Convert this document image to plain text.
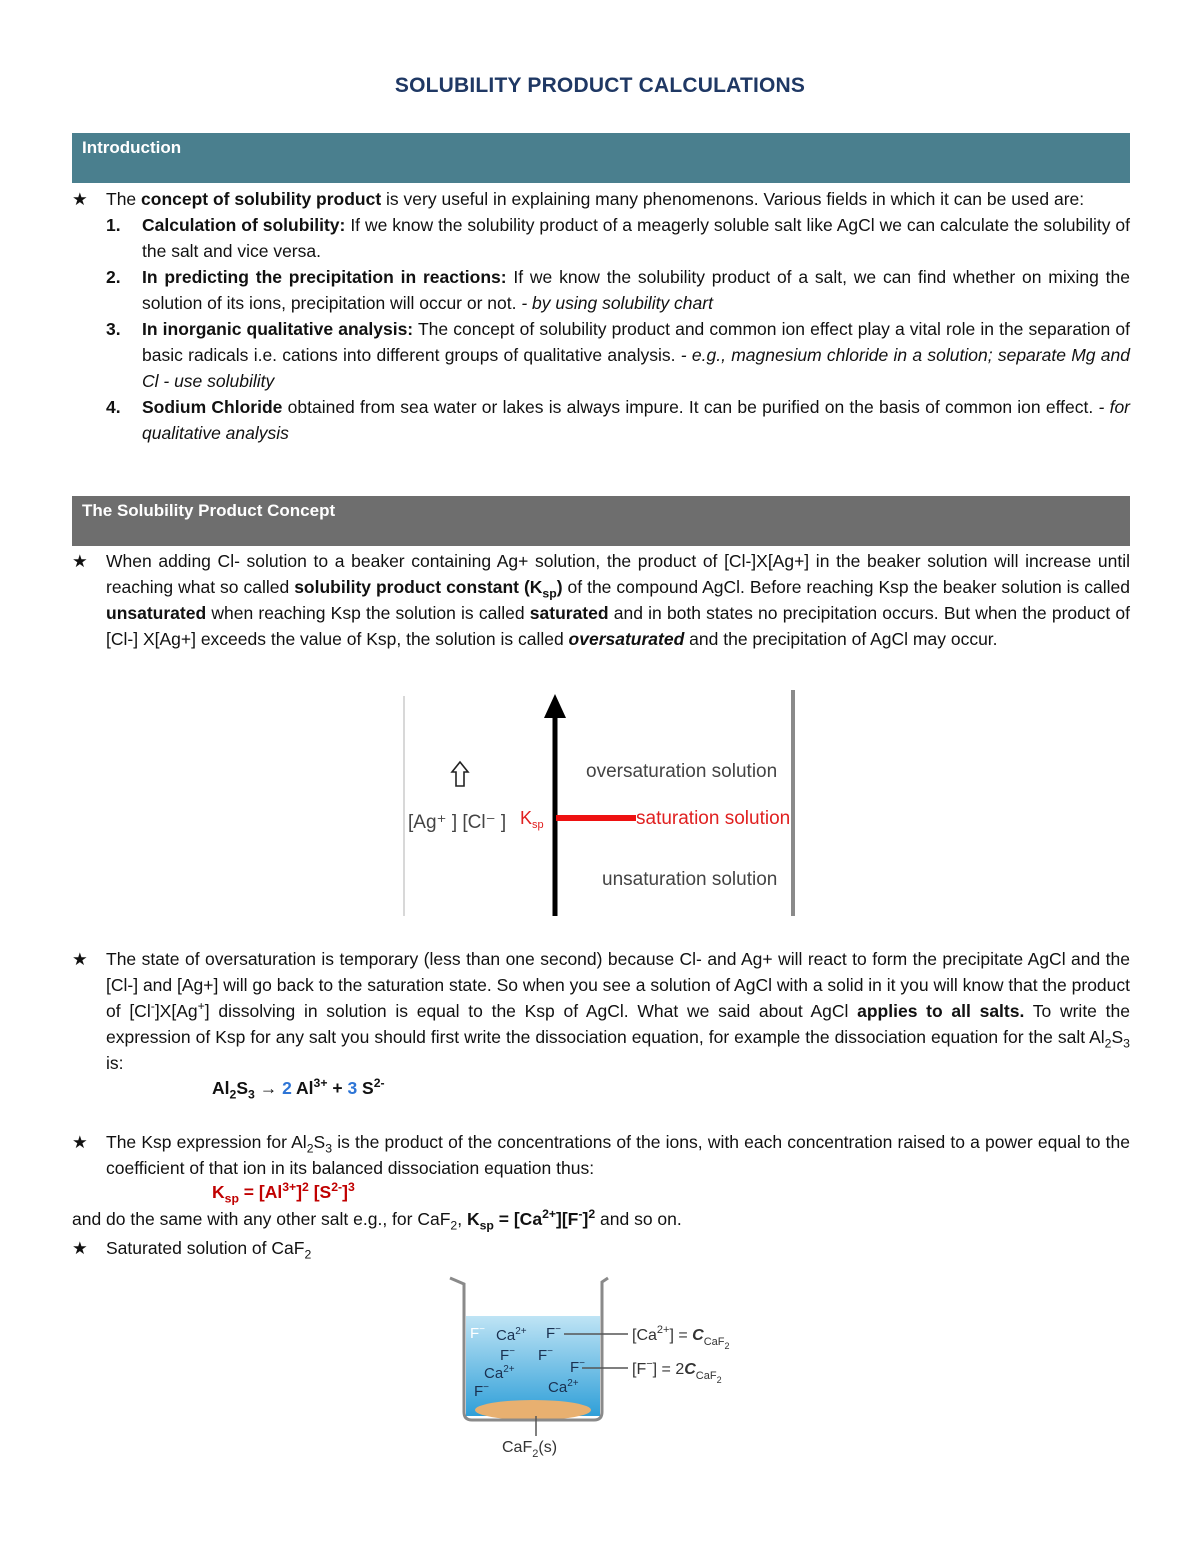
SOLUBILITY PRODUCT CALCULATIONS
Introduction
★	The concept of solubility product is very useful in explaining many phenomenons. Various fields in which it can be used are:
1. Calculation of solubility: If we know the solubility product of a meagerly soluble salt like AgCl we can calculate the solubility of the salt and vice versa.
2. In predicting the precipitation in reactions: If we know the solubility product of a salt, we can find whether on mixing the solution of its ions, precipitation will occur or not. - by using solubility chart
3. In inorganic qualitative analysis: The concept of solubility product and common ion effect play a vital role in the separation of basic radicals i.e. cations into different groups of qualitative analysis. - e.g., magnesium chloride in a solution; separate Mg and Cl - use solubility
4. Sodium Chloride obtained from sea water or lakes is always impure. It can be purified on the basis of common ion effect. - for qualitative analysis
The Solubility Product Concept
★	When adding Cl- solution to a beaker containing Ag+ solution, the product of [Cl-]X[Ag+] in the beaker solution will increase until reaching what so called solubility product constant $(K_{sp})$ of the compound AgCl. Before reaching Ksp the beaker solution is called unsaturated when reaching Ksp the solution is called saturated and in both states no precipitation occurs. But when the product of [Cl-] X[Ag+] exceeds the value of Ksp, the solution is called oversaturated and the precipitation of AgCl may occur.
[Ag⁺ ] [Cl⁻ ] $K_{sp}$
oversaturation solution
saturation solution
unsaturation solution
★	The state of oversaturation is temporary (less than one second) because Cl- and Ag+ will react to form the precipitate AgCl and the [Cl-] and [Ag+] will go back to the saturation state. So when you see a solution of AgCl with a solid in it you will know that the product of [Cl-]X[Ag+] dissolving in solution is equal to the Ksp of AgCl. What we said about AgCl applies to all salts. To write the expression of Ksp for any salt you should first write the dissociation equation, for example the dissociation equation for the salt $Al_2S_3$ is:
$Al_2S_3 \to 2$ $Al^{3+} + 3$ $S^{2-}$
★	The Ksp expression for $Al_2S_3$ is the product of the concentrations of the ions, with each concentration raised to a power equal to the coefficient of that ion in its balanced dissociation equation thus:
$K_{sp} = [Al^{3+}]^2$ $[S^{2-}]^3$
and do the same with any other salt e.g., for CaF$_2$, $K_{sp} = [Ca^{2+}][F^-]^2$ and so on.
★	Saturated solution of CaF$_2$
F− $Ca^{2+}$ F−
F− F−
$Ca^{2+}$	F−
F−	$Ca^{2+}$
$[Ca^{2+}] = C_{CaF2}$
$[F^-] = 2C_{CaF2}$
CaF$_2$(s)
